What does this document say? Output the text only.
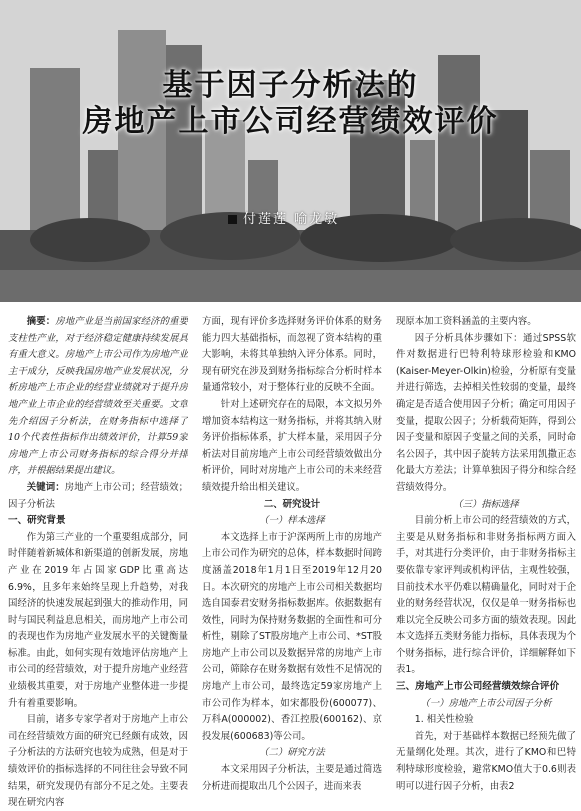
基于因子分析法的
房地产上市公司经营绩效评价
付莲莲 喻龙敏

摘要：房地产业是当前国家经济的重要支柱性产业，对于经济稳定健康持续发展具有重大意义。房地产上市公司作为房地产业主干成分，反映我国房地产业发展状况，分析房地产上市企业的经营业绩就对于提升房地产业上市企业的经营绩效至关重要。文章先介绍因子分析法，在财务指标中选择了10个代表性指标作出绩效评价，计算59家房地产上市公司财务指标的综合得分并排序，并根据结果提出建议。

关键词：房地产上市公司；经营绩效；因子分析法

一、研究背景

作为第三产业的一个重要组成部分，同时伴随着新城体和新渠道的创新发展，房地产业在2019年占国家GDP比重高达6.9%，且多年来始终呈现上升趋势，对我国经济的快速发展起到强大的推动作用，同时与国民利益息息相关，而房地产上市公司的表现也作为房地产业发展水平的关键衡量标准。由此，如何实现有效地评估房地产上市公司的经营绩效，对于提升房地产业经营业绩极其重要，对于房地产业整体进一步提升有着重要影响。

目前，诸多专家学者对于房地产上市公司在经营绩效方面的研究已经颇有成效，因子分析法的方法研究也较为成熟，但是对于绩效评价的指标选择的不同往往会导致不同结果，研究发现仍有部分不足之处。主要表现在研究内容

方面，现有评价多选择财务评价体系的财务能力四大基础指标，而忽视了资本结构的重大影响，未将其单独纳入评分体系。同时，现有研究在涉及到财务指标综合分析时样本量通常较小，对于整体行业的反映不全面。

针对上述研究存在的局限，本文拟另外增加资本结构这一财务指标，并将其纳入财务评价指标体系，扩大样本量，采用因子分析法对目前房地产上市公司经营绩效做出分析评价，同时对房地产上市公司的未来经营绩效提升给出相关建议。

二、研究设计
（一）样本选择

本文选择上市于沪深两所上市的房地产上市公司作为研究的总体，样本数据时间跨度涵盖2018年1月1日至2019年12月20日。本次研究的房地产上市公司相关数据均选自国泰君安财务指标数据库。依据数据有效性，同时为保持财务数据的全面性和可分析性，剔除了ST股房地产上市公司、*ST股房地产上市公司以及数据异常的房地产上市公司，筛除存在财务数据有效性不足情况的房地产上市公司，最终选定59家房地产上市公司作为样本，如宋都股份(600077)、万科A(000002)、香江控股(600162)、京投发展(600683)等公司。

（二）研究方法

本文采用因子分析法，主要是通过简选分析进而提取出几个公因子，进而来表

现原本加工资料涵盖的主要内容。

因子分析具体步骤如下：通过SPSS软件对数据进行巴特利特球形检验和KMO (Kaiser-Meyer-Olkin)检验，分析原有变量并进行筛选，去掉相关性较弱的变量，最终确定是否适合使用因子分析；确定可用因子变量，提取公因子；分析载荷矩阵，得到公因子变量和原因子变量之间的关系，同时命名公因子，其中因子旋转方法采用凯撒正态化最大方差法；计算单独因子得分和综合经营绩效得分。

（三）指标选择

目前分析上市公司的经营绩效的方式，主要是从财务指标和非财务指标两方面入手，对其进行分类评价，由于非财务指标主要依靠专家评判或机构评估，主观性较强，目前技术水平仍难以精确量化，同时对于企业的财务经营状况，仅仅是单一财务指标也难以完全反映公司多方面的绩效表现。因此本文选择五类财务能力指标，具体表现为个个财务指标，进行综合评价，详细解释如下表1。

三、房地产上市公司经营绩效综合评价
（一）房地产上市公司因子分析

1. 相关性检验

首先，对于基础样本数据已经预先做了无量纲化处理。其次，进行了KMO和巴特利特球形度检验，避常KMO值大于0.6则表明可以进行因子分析，由表2
